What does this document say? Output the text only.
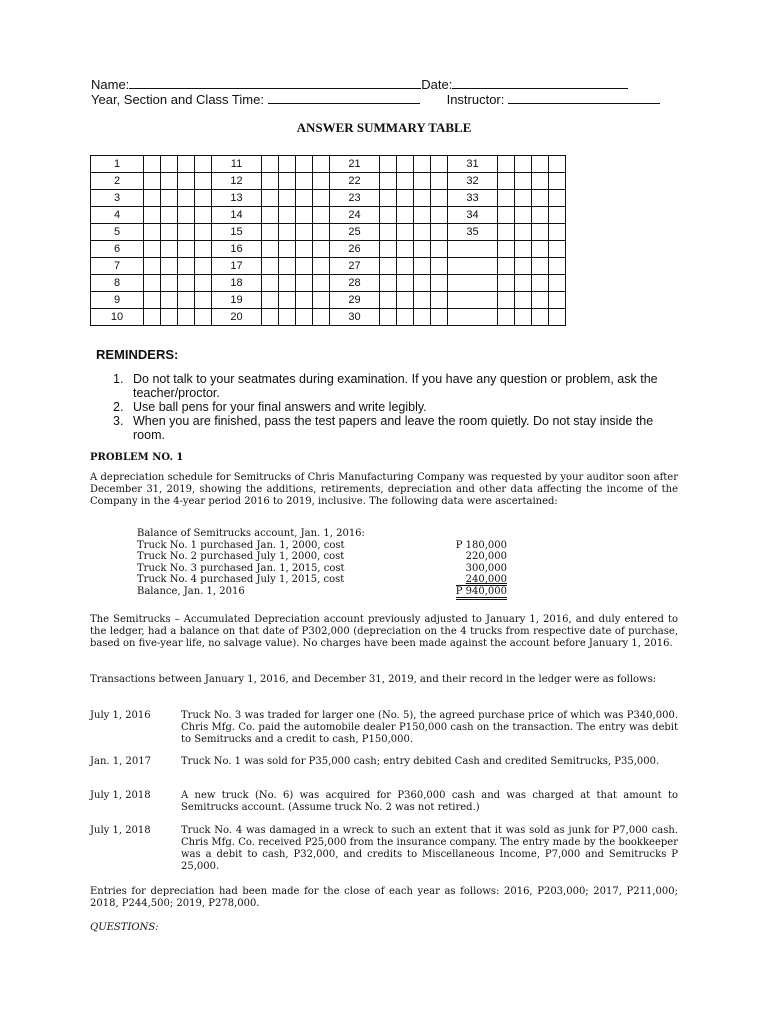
Name:	Date:
Year, Section and Class Time:	Instructor:
ANSWER SUMMARY TABLE
1					11					21					31				
2					12					22					32				
3					13					23					33				
4					14					24					34				
5					15					25					35				
6					16					26									
7					17					27									
8					18					28									
9					19					29									
10					20					30									
REMINDERS:
1. Do not talk to your seatmates during examination. If you have any question or problem, ask the teacher/proctor.
2. Use ball pens for your final answers and write legibly.
3. When you are finished, pass the test papers and leave the room quietly. Do not stay inside the room.
PROBLEM NO. 1
A depreciation schedule for Semitrucks of Chris Manufacturing Company was requested by your auditor soon after December 31, 2019, showing the additions, retirements, depreciation and other data affecting the income of the Company in the 4-year period 2016 to 2019, inclusive. The following data were ascertained:
Balance of Semitrucks account, Jan. 1, 2016:
Truck No. 1 purchased Jan. 1, 2000, cost	P 180,000
Truck No. 2 purchased July 1, 2000, cost	220,000
Truck No. 3 purchased Jan. 1, 2015, cost	300,000
Truck No. 4 purchased July 1, 2015, cost	240,000
Balance, Jan. 1, 2016	P 940,000
The Semitrucks – Accumulated Depreciation account previously adjusted to January 1, 2016, and duly entered to the ledger, had a balance on that date of P302,000 (depreciation on the 4 trucks from respective date of purchase, based on five-year life, no salvage value). No charges have been made against the account before January 1, 2016.
Transactions between January 1, 2016, and December 31, 2019, and their record in the ledger were as follows:
July 1, 2016	Truck No. 3 was traded for larger one (No. 5), the agreed purchase price of which was P340,000. Chris Mfg. Co. paid the automobile dealer P150,000 cash on the transaction. The entry was debit to Semitrucks and a credit to cash, P150,000.
Jan. 1, 2017	Truck No. 1 was sold for P35,000 cash; entry debited Cash and credited Semitrucks, P35,000.
July 1, 2018	A new truck (No. 6) was acquired for P360,000 cash and was charged at that amount to Semitrucks account. (Assume truck No. 2 was not retired.)
July 1, 2018	Truck No. 4 was damaged in a wreck to such an extent that it was sold as junk for P7,000 cash. Chris Mfg. Co. received P25,000 from the insurance company. The entry made by the bookkeeper was a debit to cash, P32,000, and credits to Miscellaneous Income, P7,000 and Semitrucks P 25,000.
Entries for depreciation had been made for the close of each year as follows: 2016, P203,000; 2017, P211,000; 2018, P244,500; 2019, P278,000.
QUESTIONS:
